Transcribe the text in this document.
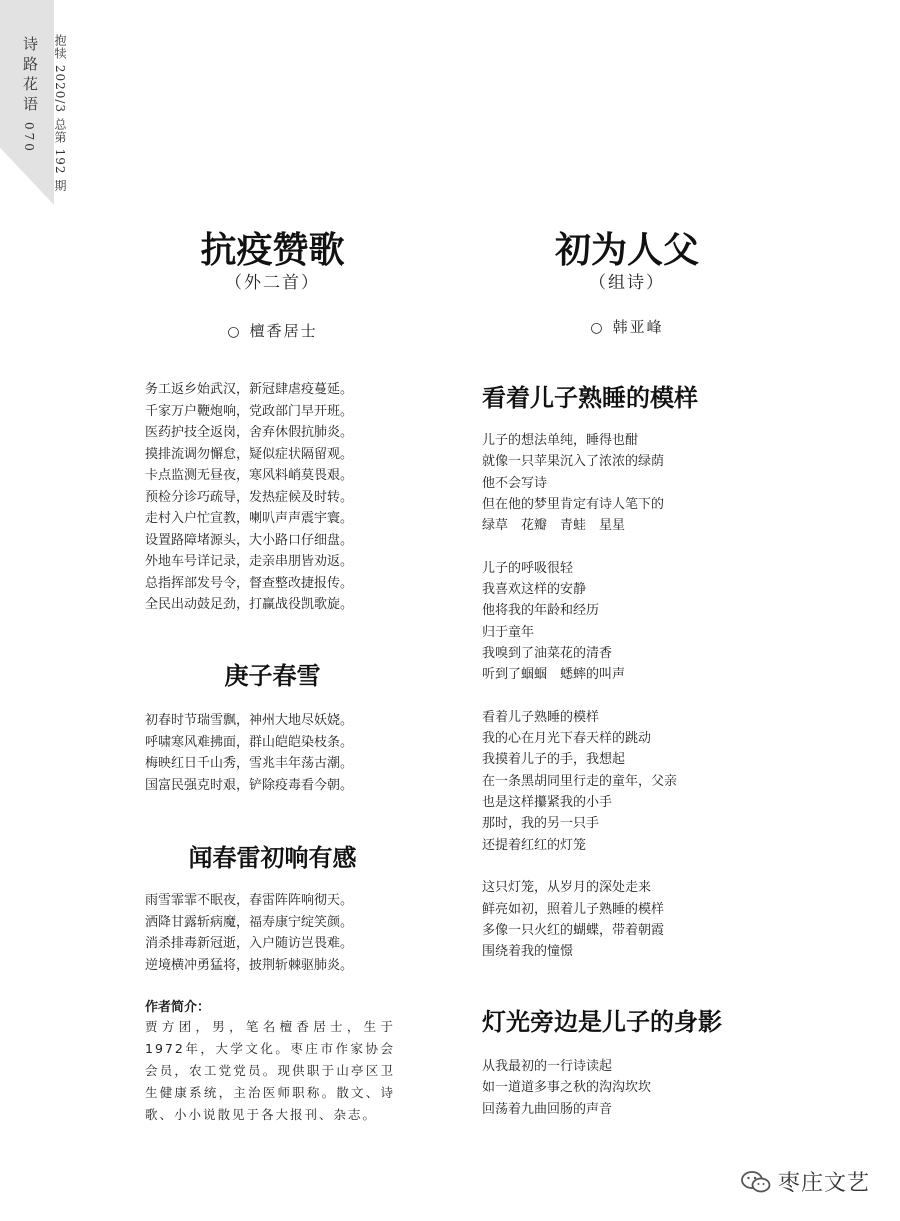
诗路花语
070 抱犊 2020/3 总第 192 期
抗疫赞歌

（外二首）

○ 檀香居士

务工返乡始武汉，新冠肆虐疫蔓延。
千家万户鞭炮响，党政部门早开班。
医药护技全返岗，舍弃休假抗肺炎。
摸排流调勿懈怠，疑似症状隔留观。
卡点监测无昼夜，寒风料峭莫畏艰。
预检分诊巧疏导，发热症候及时转。
走村入户忙宣教，喇叭声声震宇寰。
设置路障堵源头，大小路口仔细盘。
外地车号详记录，走亲串朋皆劝返。
总指挥部发号令，督查整改捷报传。
全民出动鼓足劲，打赢战役凯歌旋。
庚子春雪
初春时节瑞雪飘，神州大地尽妖娆。
呼啸寒风难拂面，群山皑皑染枝条。
梅映红日千山秀，雪兆丰年荡古潮。
国富民强克时艰，铲除疫毒看今朝。
闻春雷初响有感
雨雪霏霏不眠夜，春雷阵阵响彻天。
洒降甘露斩病魔，福寿康宁绽笑颜。
消杀排毒新冠逝，入户随访岂畏难。
逆境横冲勇猛将，披荆斩棘驱肺炎。

作者简介：

贾方团，男，笔名檀香居士，生于1972年，大学文化。枣庄市作家协会会员，农工党党员。现供职于山亭区卫生健康系统，主治医师职称。散文、诗歌、小小说散见于各大报刊、杂志。

初为人父

（组诗）

○ 韩亚峰

看着儿子熟睡的模样
儿子的想法单纯，睡得也酣
就像一只苹果沉入了浓浓的绿荫
他不会写诗
但在他的梦里肯定有诗人笔下的
绿草　花瓣　青蛙　星星

儿子的呼吸很轻
我喜欢这样的安静
他将我的年龄和经历
归于童年
我嗅到了油菜花的清香
听到了蝈蝈　蟋蟀的叫声

看着儿子熟睡的模样
我的心在月光下春天样的跳动
我摸着儿子的手，我想起
在一条黑胡同里行走的童年，父亲
也是这样攥紧我的小手
那时，我的另一只手
还提着红红的灯笼

这只灯笼，从岁月的深处走来
鲜亮如初，照着儿子熟睡的模样
多像一只火红的蝴蝶，带着朝霞
围绕着我的憧憬
灯光旁边是儿子的身影
从我最初的一行诗读起
如一道道多事之秋的沟沟坎坎
回荡着九曲回肠的声音
枣庄文艺
